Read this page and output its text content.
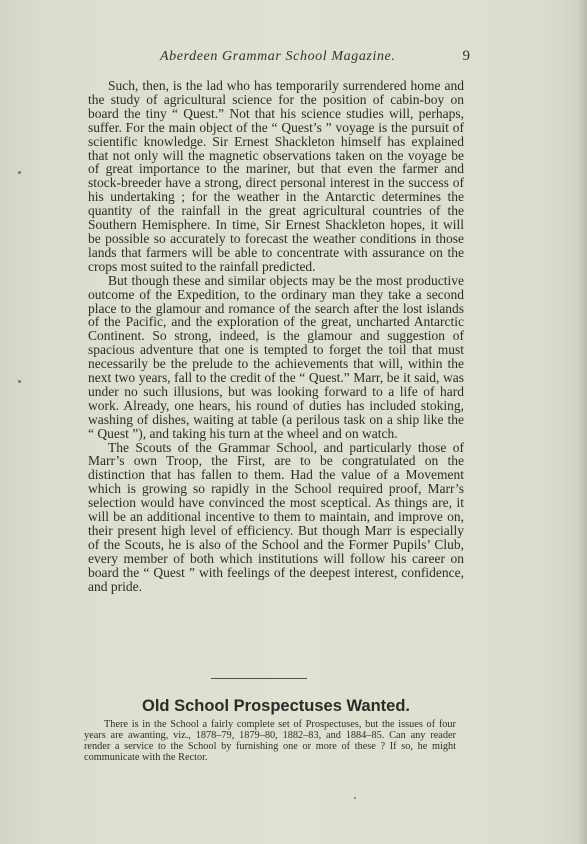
Aberdeen Grammar School Magazine.	9

Such, then, is the lad who has temporarily surrendered home and the study of agricultural science for the position of cabin-boy on board the tiny “ Quest.” Not that his science studies will, perhaps, suffer. For the main object of the “ Quest’s ” voyage is the pursuit of scientific knowledge. Sir Ernest Shackleton himself has explained that not only will the magnetic observations taken on the voyage be of great importance to the mariner, but that even the farmer and stock-breeder have a strong, direct personal interest in the success of his undertaking ; for the weather in the Antarctic determines the quantity of the rainfall in the great agricultural countries of the Southern Hemisphere. In time, Sir Ernest Shackleton hopes, it will be possible so accurately to forecast the weather conditions in those lands that farmers will be able to concentrate with assurance on the crops most suited to the rainfall predicted.

But though these and similar objects may be the most productive outcome of the Expedition, to the ordinary man they take a second place to the glamour and romance of the search after the lost islands of the Pacific, and the exploration of the great, uncharted Antarctic Continent. So strong, indeed, is the glamour and suggestion of spacious adventure that one is tempted to forget the toil that must necessarily be the prelude to the achievements that will, within the next two years, fall to the credit of the “ Quest.” Marr, be it said, was under no such illusions, but was looking forward to a life of hard work. Already, one hears, his round of duties has included stoking, washing of dishes, waiting at table (a perilous task on a ship like the “ Quest ”), and taking his turn at the wheel and on watch.

The Scouts of the Grammar School, and particularly those of Marr’s own Troop, the First, are to be congratulated on the distinction that has fallen to them. Had the value of a Movement which is growing so rapidly in the School required proof, Marr’s selection would have convinced the most sceptical. As things are, it will be an additional incentive to them to maintain, and improve on, their present high level of efficiency. But though Marr is especially of the Scouts, he is also of the School and the Former Pupils’ Club, every member of both which institutions will follow his career on board the “ Quest ” with feelings of the deepest interest, confidence, and pride.

Old School Prospectuses Wanted.

There is in the School a fairly complete set of Prospectuses, but the issues of four years are awanting, viz., 1878–79, 1879–80, 1882–83, and 1884–85. Can any reader render a service to the School by furnishing one or more of these ? If so, he might communicate with the Rector.
